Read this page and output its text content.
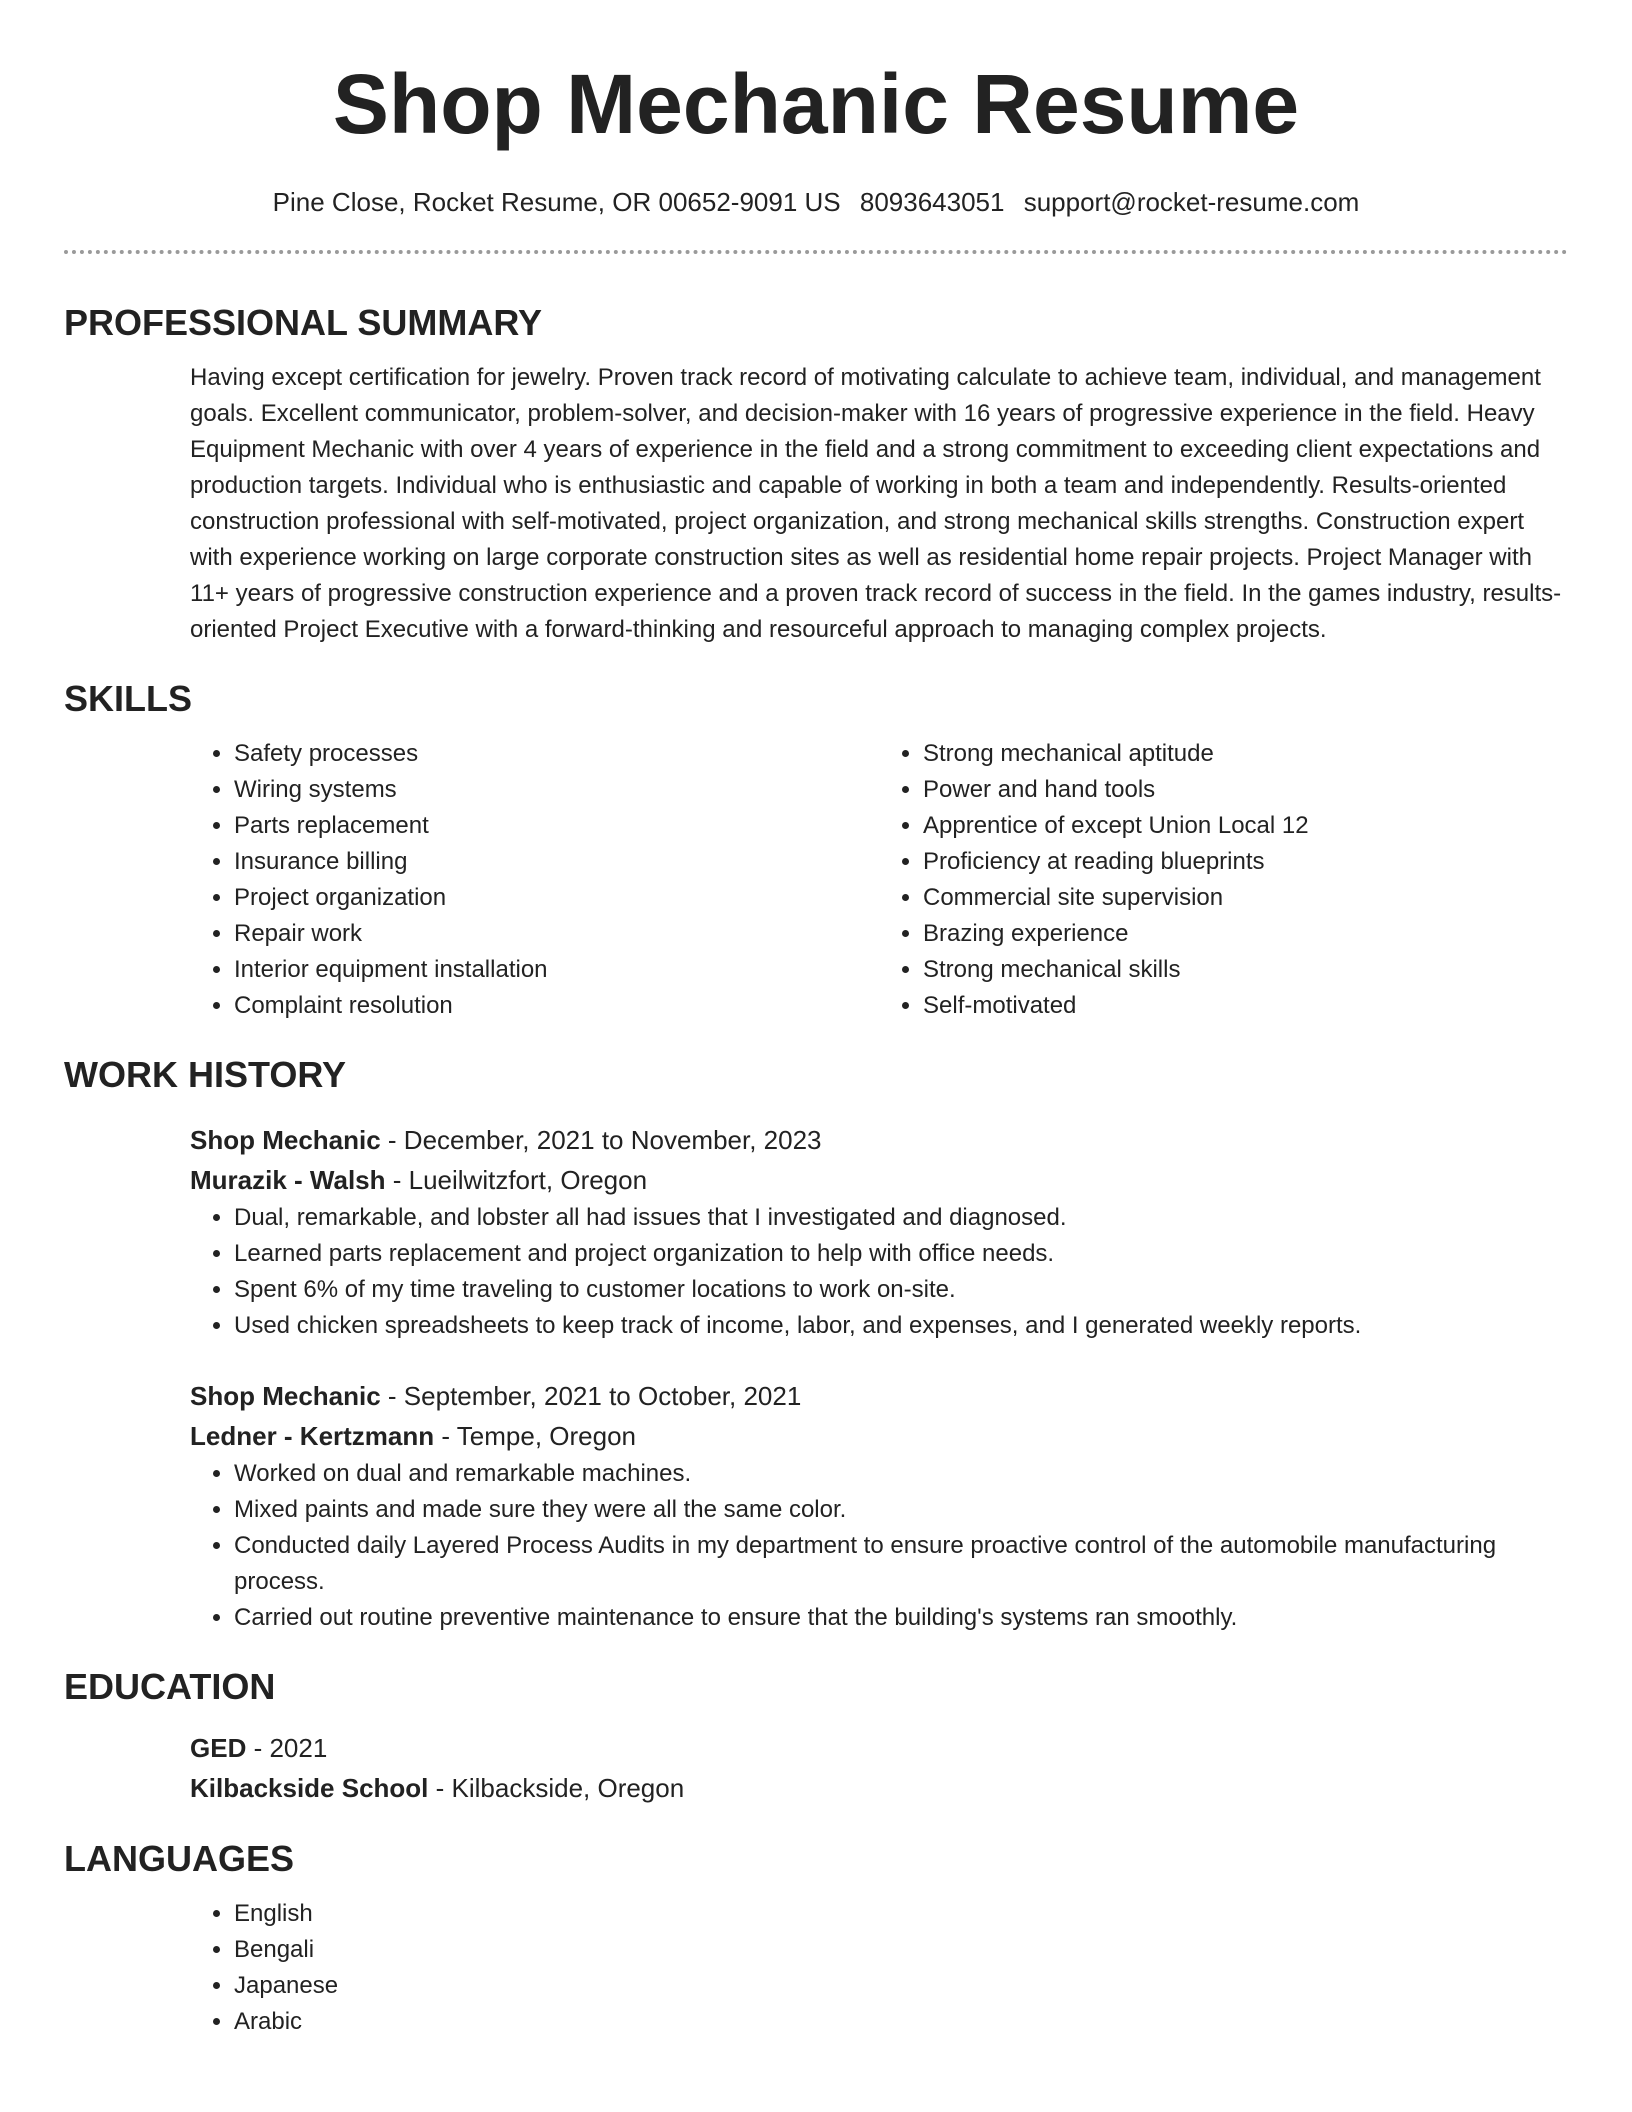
Shop Mechanic Resume
Pine Close, Rocket Resume, OR 00652-9091 US 8093643051 support@rocket-resume.com
PROFESSIONAL SUMMARY

Having except certification for jewelry. Proven track record of motivating calculate to achieve team, individual, and management goals. Excellent communicator, problem-solver, and decision-maker with 16 years of progressive experience in the field. Heavy Equipment Mechanic with over 4 years of experience in the field and a strong commitment to exceeding client expectations and production targets. Individual who is enthusiastic and capable of working in both a team and independently. Results-oriented construction professional with self-motivated, project organization, and strong mechanical skills strengths. Construction expert with experience working on large corporate construction sites as well as residential home repair projects. Project Manager with 11+ years of progressive construction experience and a proven track record of success in the field. In the games industry, results-oriented Project Executive with a forward-thinking and resourceful approach to managing complex projects.

SKILLS
• Safety processes
• Wiring systems
• Parts replacement
• Insurance billing
• Project organization
• Repair work
• Interior equipment installation
• Complaint resolution
• Strong mechanical aptitude
• Power and hand tools
• Apprentice of except Union Local 12
• Proficiency at reading blueprints
• Commercial site supervision
• Brazing experience
• Strong mechanical skills
• Self-motivated
WORK HISTORY
Shop Mechanic - December, 2021 to November, 2023
Murazik - Walsh - Lueilwitzfort, Oregon
• Dual, remarkable, and lobster all had issues that I investigated and diagnosed.
• Learned parts replacement and project organization to help with office needs.
• Spent 6% of my time traveling to customer locations to work on-site.
• Used chicken spreadsheets to keep track of income, labor, and expenses, and I generated weekly reports.
Shop Mechanic - September, 2021 to October, 2021
Ledner - Kertzmann - Tempe, Oregon
• Worked on dual and remarkable machines.
• Mixed paints and made sure they were all the same color.
• Conducted daily Layered Process Audits in my department to ensure proactive control of the automobile manufacturing process.
• Carried out routine preventive maintenance to ensure that the building's systems ran smoothly.
EDUCATION
GED - 2021
Kilbackside School - Kilbackside, Oregon
LANGUAGES
• English
• Bengali
• Japanese
• Arabic
